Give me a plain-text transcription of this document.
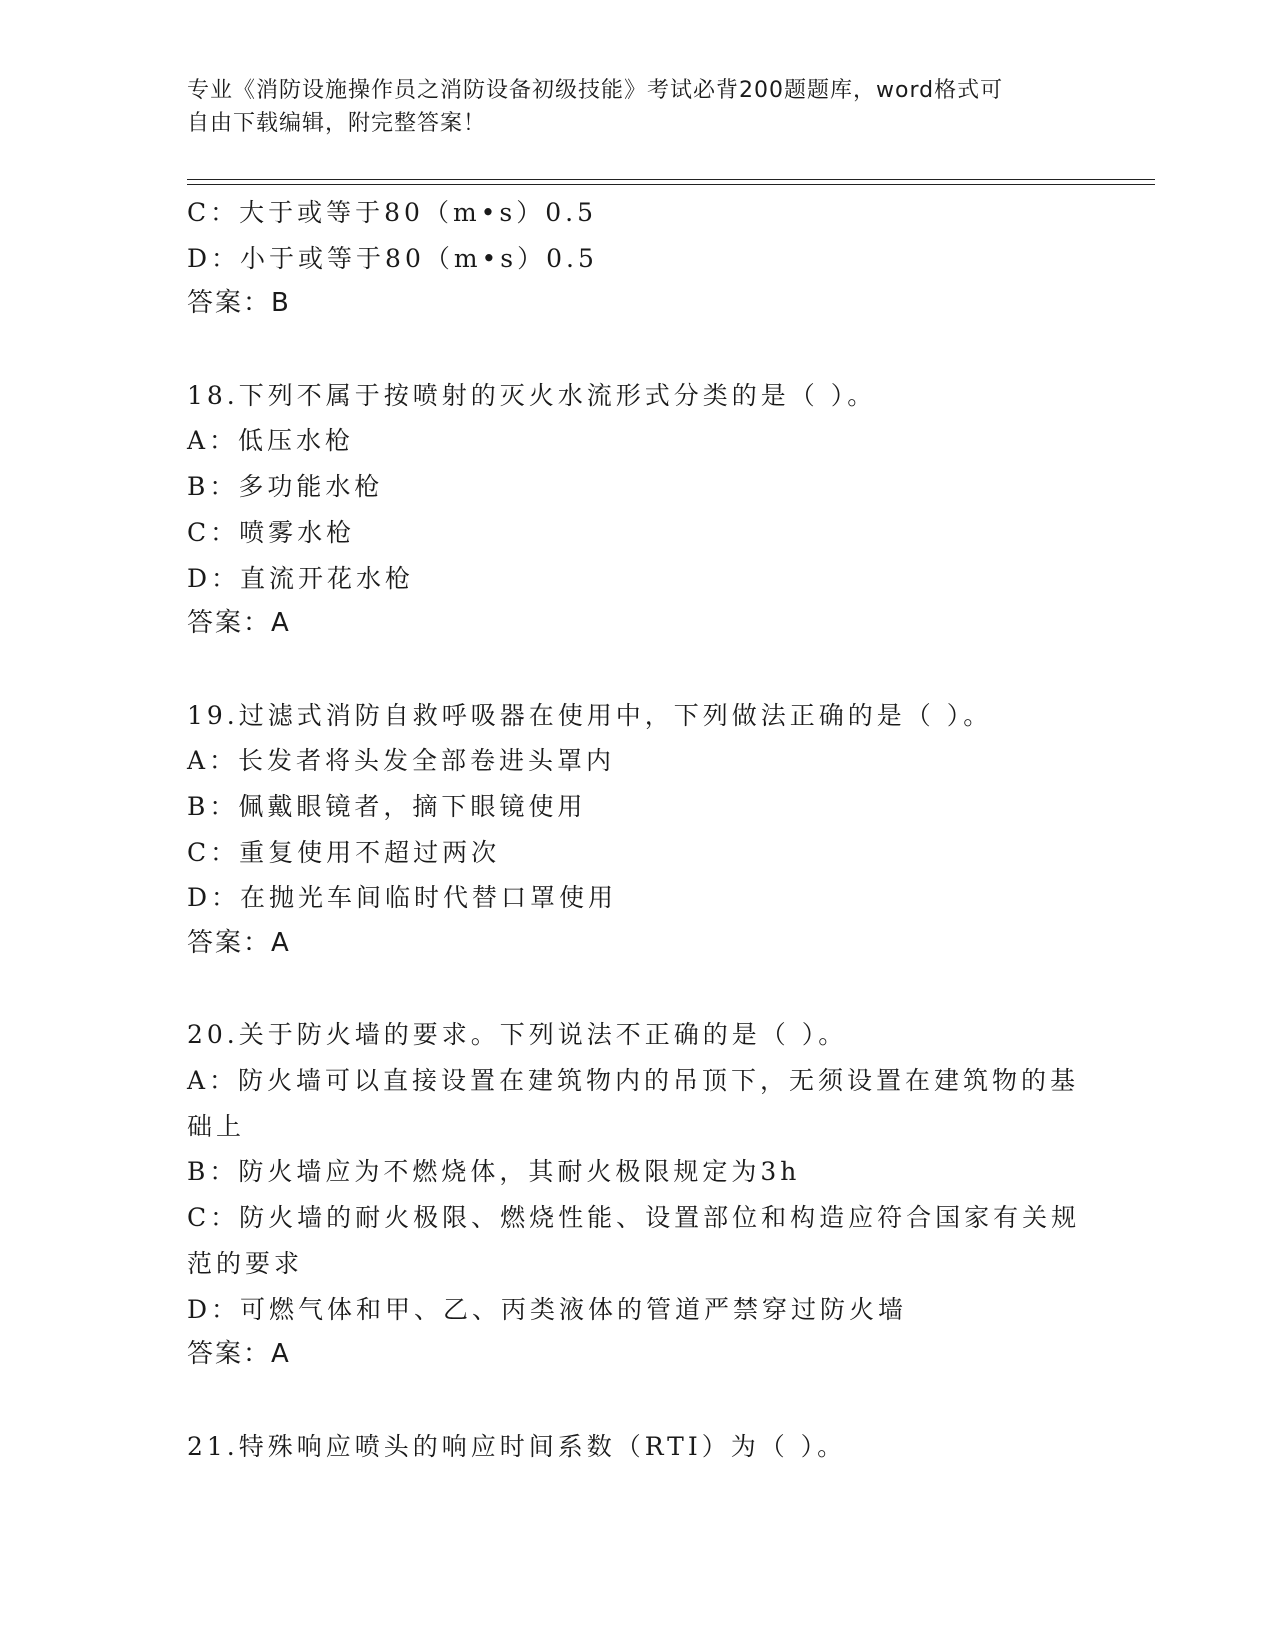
专业《消防设施操作员之消防设备初级技能》考试必背200题题库，word格式可
自由下载编辑，附完整答案！
C：大于或等于80（m•s）0.5
D：小于或等于80（m•s）0.5
答案：B
18.下列不属于按喷射的灭火水流形式分类的是（ ）。
A：低压水枪
B：多功能水枪
C：喷雾水枪
D：直流开花水枪
答案：A
19.过滤式消防自救呼吸器在使用中，下列做法正确的是（ ）。
A：长发者将头发全部卷进头罩内
B：佩戴眼镜者，摘下眼镜使用
C：重复使用不超过两次
D：在抛光车间临时代替口罩使用
答案：A
20.关于防火墙的要求。下列说法不正确的是（ ）。
A：防火墙可以直接设置在建筑物内的吊顶下，无须设置在建筑物的基
础上
B：防火墙应为不燃烧体，其耐火极限规定为3h
C：防火墙的耐火极限、燃烧性能、设置部位和构造应符合国家有关规
范的要求
D：可燃气体和甲、乙、丙类液体的管道严禁穿过防火墙
答案：A
21.特殊响应喷头的响应时间系数（RTI）为（ ）。
